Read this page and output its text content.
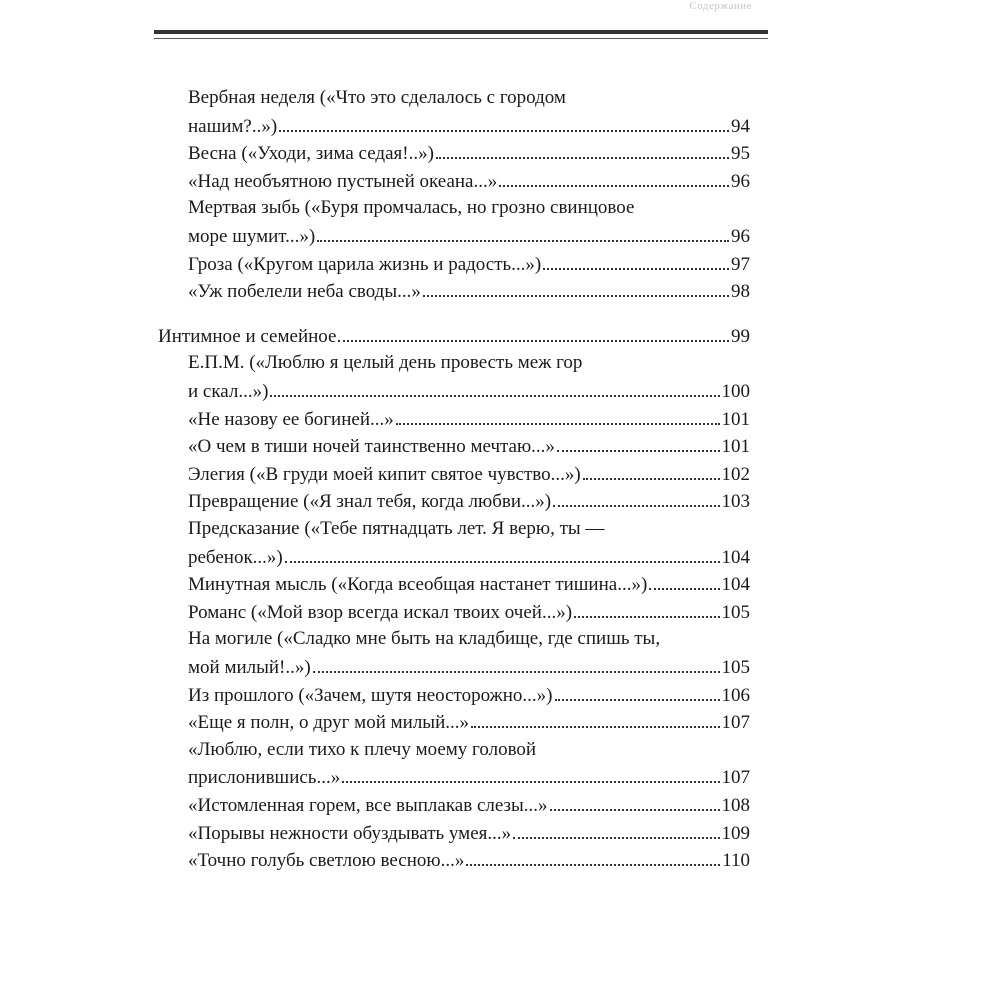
Содержание
Вербная неделя («Что это сделалось с городом
нашим?..»)	94
Весна («Уходи, зима седая!..»)	95
«Над необъятною пустыней океана...»	96
Мертвая зыбь («Буря промчалась, но грозно свинцовое
море шумит...»)	96
Гроза («Кругом царила жизнь и радость...»)	97
«Уж побелели неба своды...»	98
Интимное и семейное	99
Е.П.М. («Люблю я целый день провесть меж гор
и скал...»)	100
«Не назову ее богиней...»	101
«О чем в тиши ночей таинственно мечтаю...»	101
Элегия («В груди моей кипит святое чувство...»)	102
Превращение («Я знал тебя, когда любви...»)	103
Предсказание («Тебе пятнадцать лет. Я верю, ты —
ребенок...»)	104
Минутная мысль («Когда всеобщая настанет тишина...»)	104
Романс («Мой взор всегда искал твоих очей...»)	105
На могиле («Сладко мне быть на кладбище, где спишь ты,
мой милый!..»)	105
Из прошлого («Зачем, шутя неосторожно...»)	106
«Еще я полн, о друг мой милый...»	107
«Люблю, если тихо к плечу моему головой
прислонившись...»	107
«Истомленная горем, все выплакав слезы...»	108
«Порывы нежности обуздывать умея...»	109
«Точно голубь светлою весною...»	110
